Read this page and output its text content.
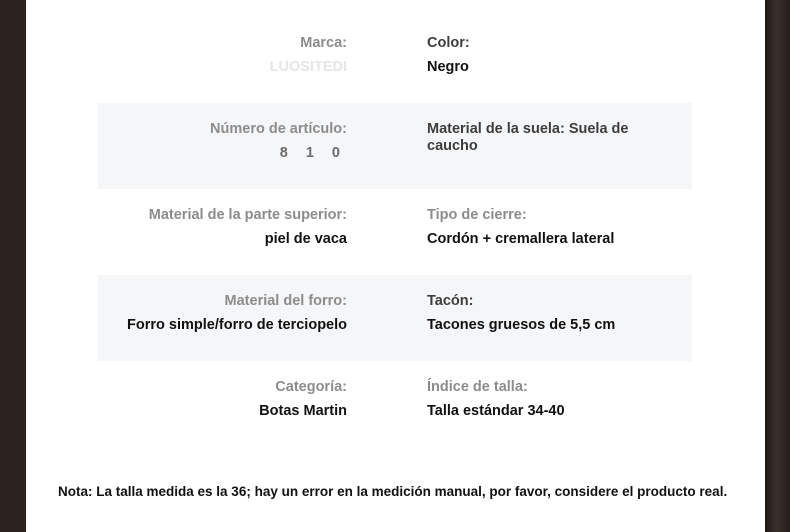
Marca:

LUOSITEDI

Color:

Negro

Número de artículo:

8 1 0

Material de la suela: Suela de caucho

Material de la parte superior:

piel de vaca

Tipo de cierre:

Cordón + cremallera lateral

Material del forro:

Forro simple/forro de terciopelo

Tacón:

Tacones gruesos de 5,5 cm

Categoría:

Botas Martin

Índice de talla:

Talla estándar 34-40

Nota: La talla medida es la 36; hay un error en la medición manual, por favor, considere el producto real.
